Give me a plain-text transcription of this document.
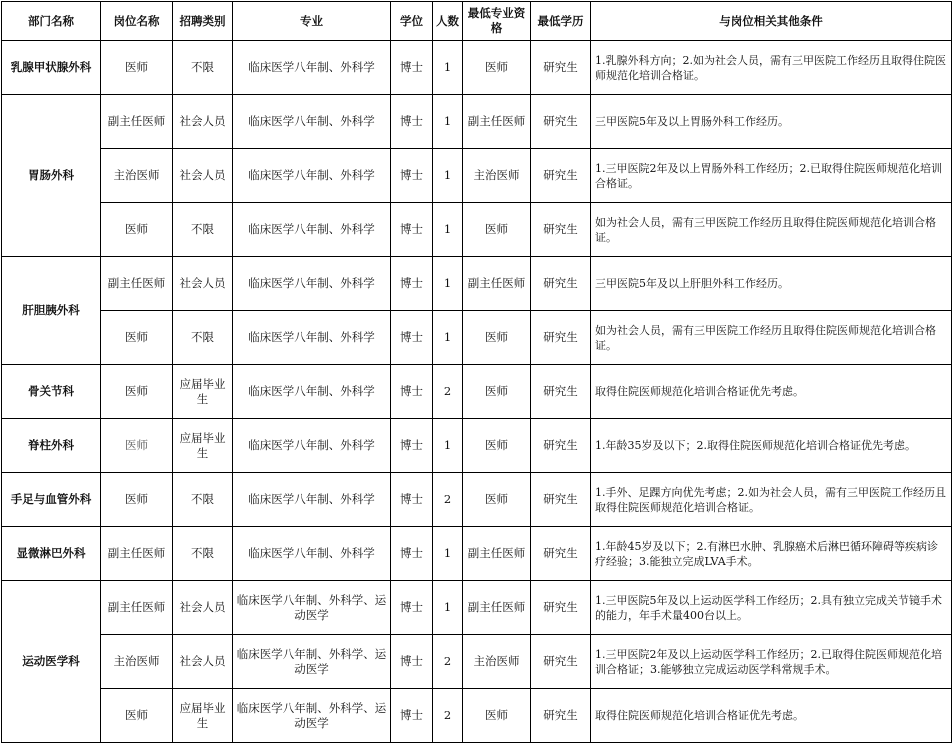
部门名称	岗位名称	招聘类别	专业	学位	人数	最低专业资格	最低学历	与岗位相关其他条件
乳腺甲状腺外科	医师	不限	临床医学八年制、外科学	博士	1	医师	研究生	1.乳腺外科方向；2.如为社会人员，需有三甲医院工作经历且取得住院医师规范化培训合格证。
胃肠外科	副主任医师	社会人员	临床医学八年制、外科学	博士	1	副主任医师	研究生	三甲医院5年及以上胃肠外科工作经历。
	主治医师	社会人员	临床医学八年制、外科学	博士	1	主治医师	研究生	1.三甲医院2年及以上胃肠外科工作经历；2.已取得住院医师规范化培训合格证。
	医师	不限	临床医学八年制、外科学	博士	1	医师	研究生	如为社会人员，需有三甲医院工作经历且取得住院医师规范化培训合格证。
肝胆胰外科	副主任医师	社会人员	临床医学八年制、外科学	博士	1	副主任医师	研究生	三甲医院5年及以上肝胆外科工作经历。
	医师	不限	临床医学八年制、外科学	博士	1	医师	研究生	如为社会人员，需有三甲医院工作经历且取得住院医师规范化培训合格证。
骨关节科	医师	应届毕业生	临床医学八年制、外科学	博士	2	医师	研究生	取得住院医师规范化培训合格证优先考虑。
脊柱外科	医师	应届毕业生	临床医学八年制、外科学	博士	1	医师	研究生	1.年龄35岁及以下；2.取得住院医师规范化培训合格证优先考虑。
手足与血管外科	医师	不限	临床医学八年制、外科学	博士	2	医师	研究生	1.手外、足踝方向优先考虑；2.如为社会人员，需有三甲医院工作经历且取得住院医师规范化培训合格证。
显微淋巴外科	副主任医师	不限	临床医学八年制、外科学	博士	1	副主任医师	研究生	1.年龄45岁及以下；2.有淋巴水肿、乳腺癌术后淋巴循环障碍等疾病诊疗经验；3.能独立完成LVA手术。
运动医学科	副主任医师	社会人员	临床医学八年制、外科学、运动医学	博士	1	副主任医师	研究生	1.三甲医院5年及以上运动医学科工作经历；2.具有独立完成关节镜手术的能力，年手术量400台以上。
	主治医师	社会人员	临床医学八年制、外科学、运动医学	博士	2	主治医师	研究生	1.三甲医院2年及以上运动医学科工作经历；2.已取得住院医师规范化培训合格证；3.能够独立完成运动医学科常规手术。
	医师	应届毕业生	临床医学八年制、外科学、运动医学	博士	2	医师	研究生	取得住院医师规范化培训合格证优先考虑。
